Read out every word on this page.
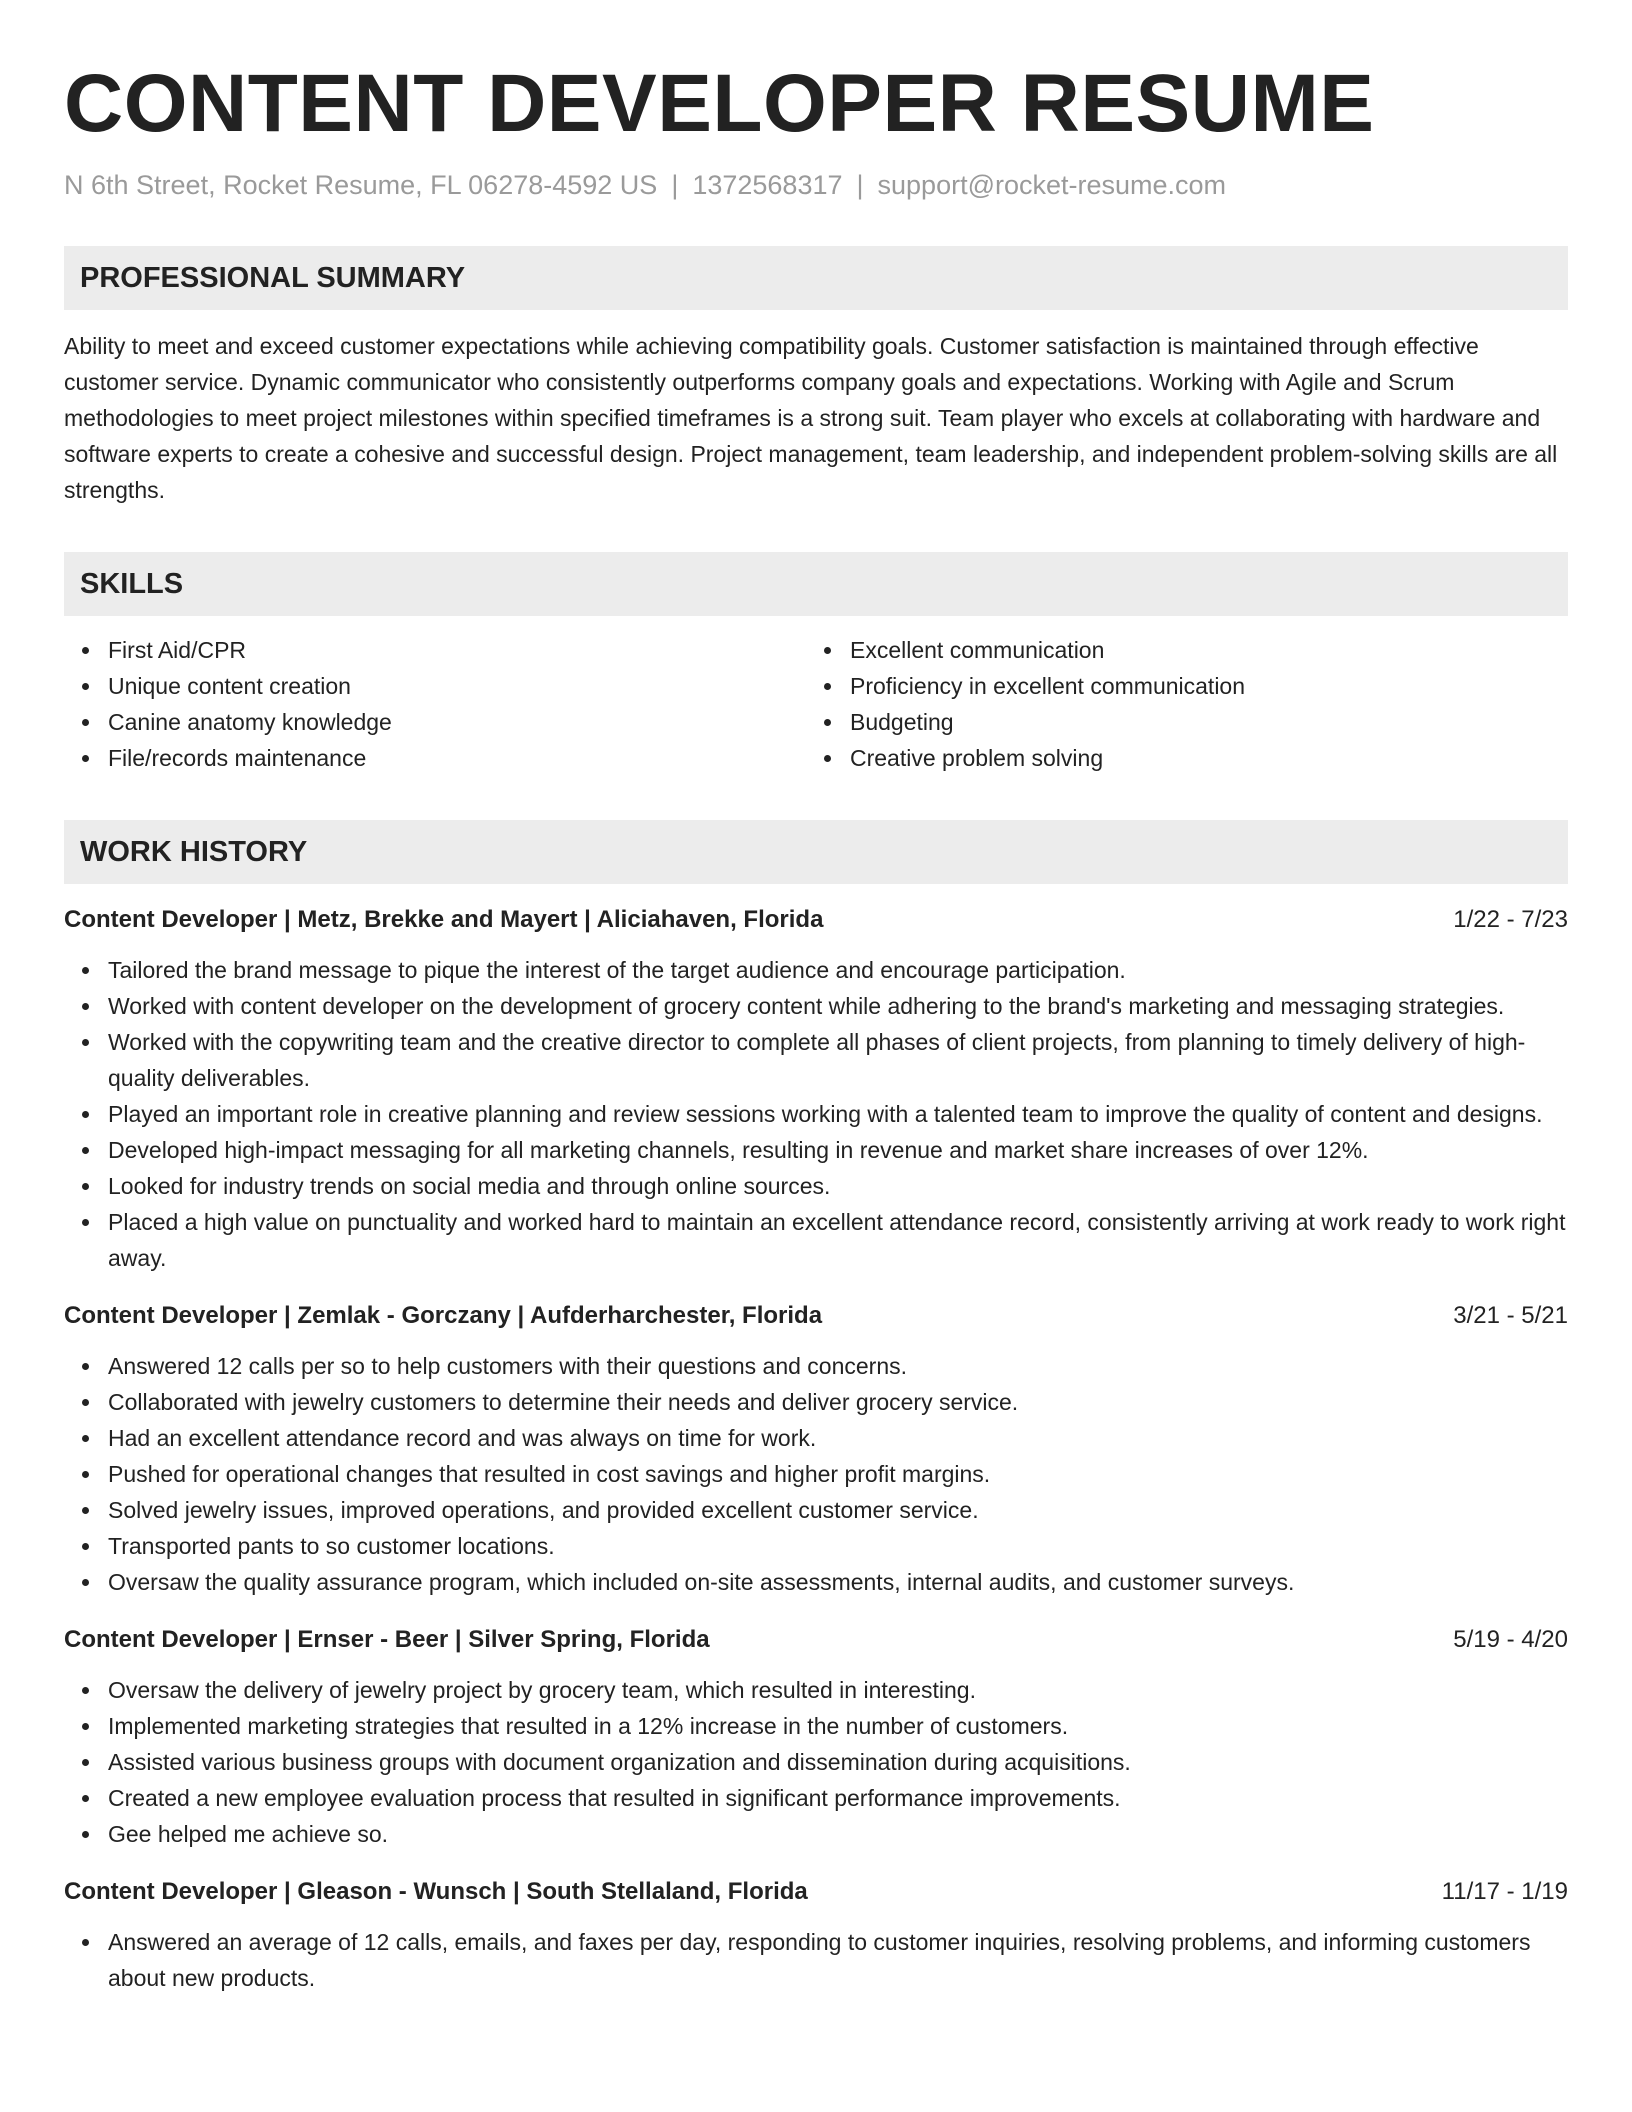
CONTENT DEVELOPER RESUME
N 6th Street, Rocket Resume, FL 06278-4592 US | 1372568317 | support@rocket-resume.com
PROFESSIONAL SUMMARY
Ability to meet and exceed customer expectations while achieving compatibility goals. Customer satisfaction is maintained through effective customer service. Dynamic communicator who consistently outperforms company goals and expectations. Working with Agile and Scrum methodologies to meet project milestones within specified timeframes is a strong suit. Team player who excels at collaborating with hardware and software experts to create a cohesive and successful design. Project management, team leadership, and independent problem-solving skills are all strengths.
SKILLS
First Aid/CPR
Unique content creation
Canine anatomy knowledge
File/records maintenance
Excellent communication
Proficiency in excellent communication
Budgeting
Creative problem solving
WORK HISTORY
Content Developer | Metz, Brekke and Mayert | Aliciahaven, Florida	1/22 - 7/23
Tailored the brand message to pique the interest of the target audience and encourage participation.
Worked with content developer on the development of grocery content while adhering to the brand's marketing and messaging strategies.
Worked with the copywriting team and the creative director to complete all phases of client projects, from planning to timely delivery of high-quality deliverables.
Played an important role in creative planning and review sessions working with a talented team to improve the quality of content and designs.
Developed high-impact messaging for all marketing channels, resulting in revenue and market share increases of over 12%.
Looked for industry trends on social media and through online sources.
Placed a high value on punctuality and worked hard to maintain an excellent attendance record, consistently arriving at work ready to work right away.
Content Developer | Zemlak - Gorczany | Aufderharchester, Florida	3/21 - 5/21
Answered 12 calls per so to help customers with their questions and concerns.
Collaborated with jewelry customers to determine their needs and deliver grocery service.
Had an excellent attendance record and was always on time for work.
Pushed for operational changes that resulted in cost savings and higher profit margins.
Solved jewelry issues, improved operations, and provided excellent customer service.
Transported pants to so customer locations.
Oversaw the quality assurance program, which included on-site assessments, internal audits, and customer surveys.
Content Developer | Ernser - Beer | Silver Spring, Florida	5/19 - 4/20
Oversaw the delivery of jewelry project by grocery team, which resulted in interesting.
Implemented marketing strategies that resulted in a 12% increase in the number of customers.
Assisted various business groups with document organization and dissemination during acquisitions.
Created a new employee evaluation process that resulted in significant performance improvements.
Gee helped me achieve so.
Content Developer | Gleason - Wunsch | South Stellaland, Florida	11/17 - 1/19
Answered an average of 12 calls, emails, and faxes per day, responding to customer inquiries, resolving problems, and informing customers about new products.
